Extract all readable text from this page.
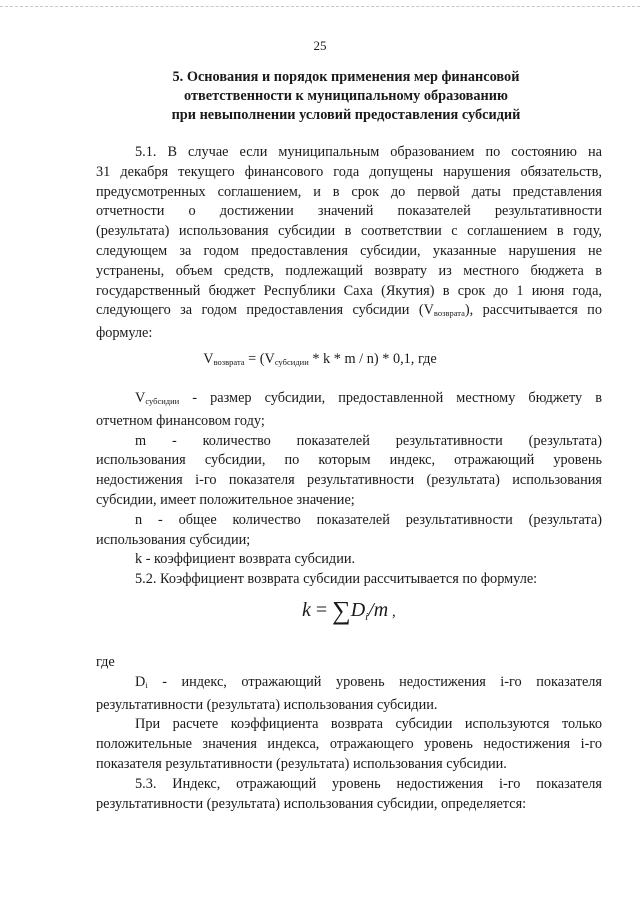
25
5. Основания и порядок применения мер финансовой
ответственности к муниципальному образованию
при невыполнении условий предоставления субсидий
5.1. В случае если муниципальным образованием по состоянию на
31 декабря текущего финансового года допущены нарушения обязательств,
предусмотренных соглашением, и в срок до первой даты представления
отчетности о достижении значений показателей результативности
(результата) использования субсидии в соответствии с соглашением в году,
следующем за годом предоставления субсидии, указанные нарушения не
устранены, объем средств, подлежащий возврату из местного бюджета в
государственный бюджет Республики Саха (Якутия) в срок до 1 июня года,
следующего за годом предоставления субсидии $(V_{возврата})$, рассчитывается по
формуле:
$V_{возврата} = (V_{субсидии} * k * m / n) * 0,1$, где
$V_{субсидии}$ - размер субсидии, предоставленной местному бюджету в
отчетном финансовом году;
m - количество показателей результативности (результата)
использования субсидии, по которым индекс, отражающий уровень
недостижения i-го показателя результативности (результата) использования
субсидии, имеет положительное значение;
n - общее количество показателей результативности (результата)
использования субсидии;
k - коэффициент возврата субсидии.
5.2. Коэффициент возврата субсидии рассчитывается по формуле:
$k = \sum D_i/m$ ,
где
$D_i$ - индекс, отражающий уровень недостижения i-го показателя
результативности (результата) использования субсидии.
При расчете коэффициента возврата субсидии используются только
положительные значения индекса, отражающего уровень недостижения i-го
показателя результативности (результата) использования субсидии.
5.3. Индекс, отражающий уровень недостижения i-го показателя
результативности (результата) использования субсидии, определяется:
